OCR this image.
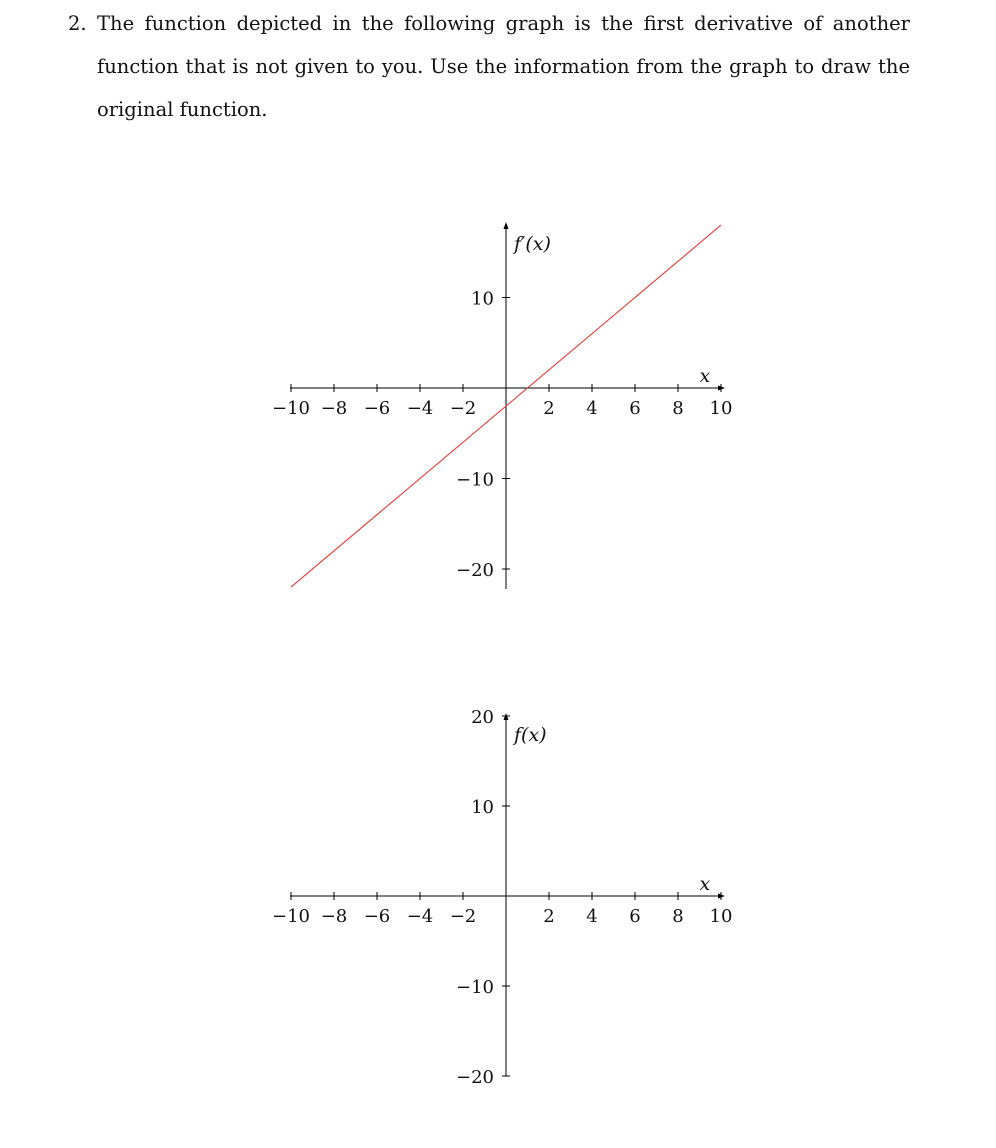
2. The function depicted in the following graph is the first derivative of another function that is not given to you. Use the information from the graph to draw the original function.
−10 −8 −6 −4 −2	2 4 6 8 10
10
−10
−20
x
f′(x)
−10 −8 −6 −4 −2	2 4 6 8 10
20
10
−10
−20
x
f(x)
